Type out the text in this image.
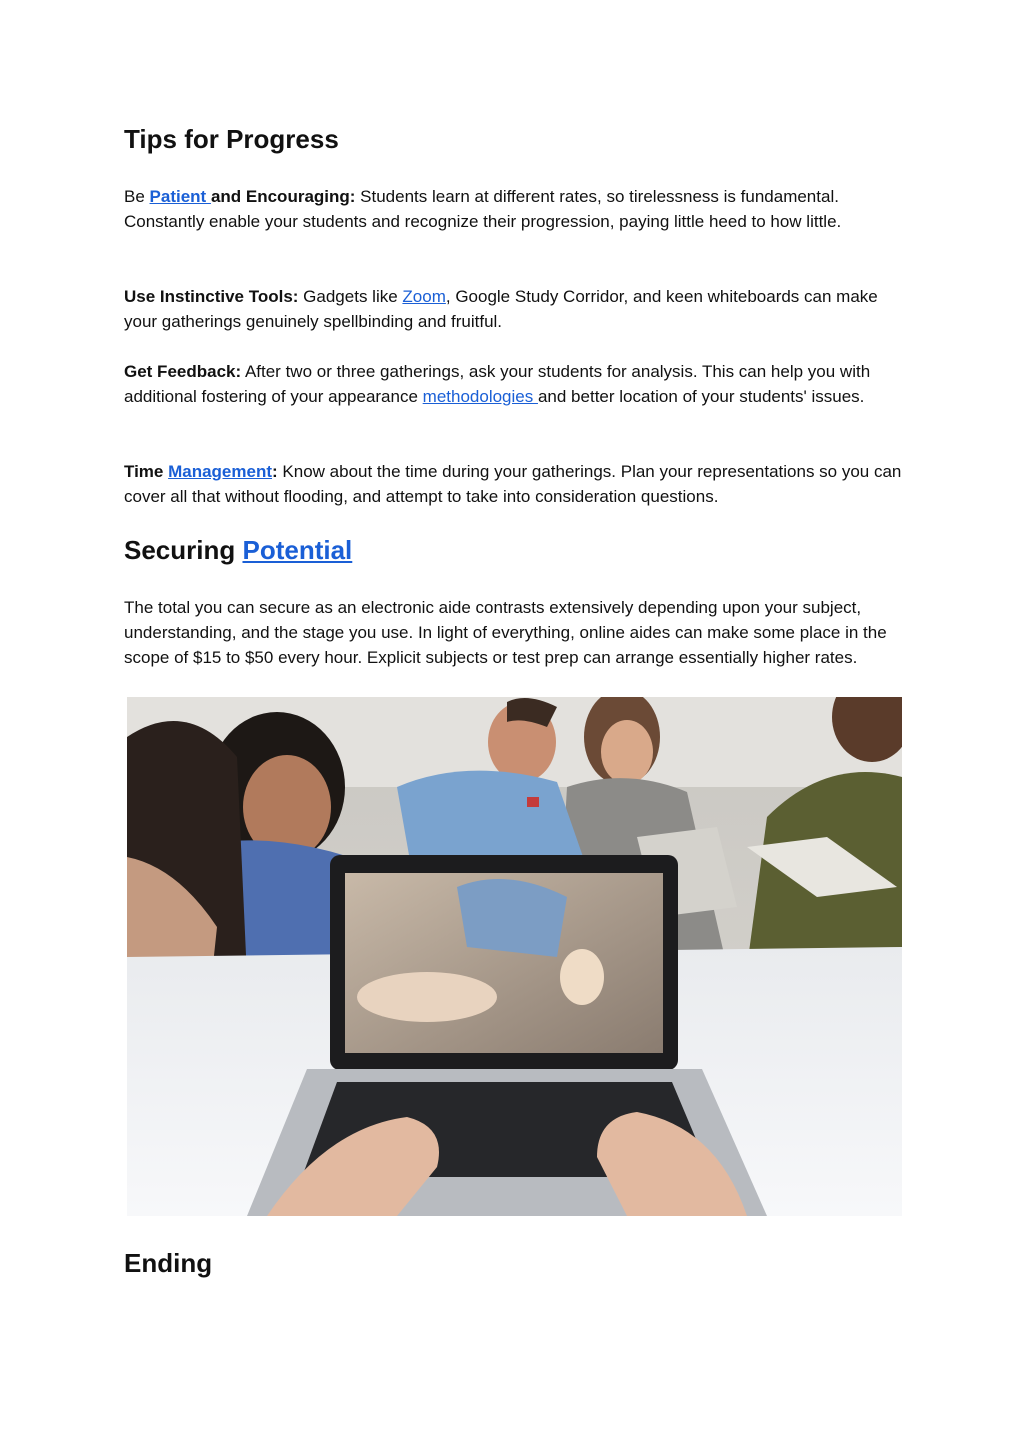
Tips for Progress

Be Patient and Encouraging: Students learn at different rates, so tirelessness is fundamental. Constantly enable your students and recognize their progression, paying little heed to how little.

Use Instinctive Tools: Gadgets like Zoom, Google Study Corridor, and keen whiteboards can make your gatherings genuinely spellbinding and fruitful.

Get Feedback: After two or three gatherings, ask your students for analysis. This can help you with additional fostering of your appearance methodologies and better location of your students' issues.

Time Management: Know about the time during your gatherings. Plan your representations so you can cover all that without flooding, and attempt to take into consideration questions.

Securing Potential

The total you can secure as an electronic aide contrasts extensively depending upon your subject, understanding, and the stage you use. In light of everything, online aides can make some place in the scope of $15 to $50 every hour. Explicit subjects or test prep can arrange essentially higher rates.

Ending
